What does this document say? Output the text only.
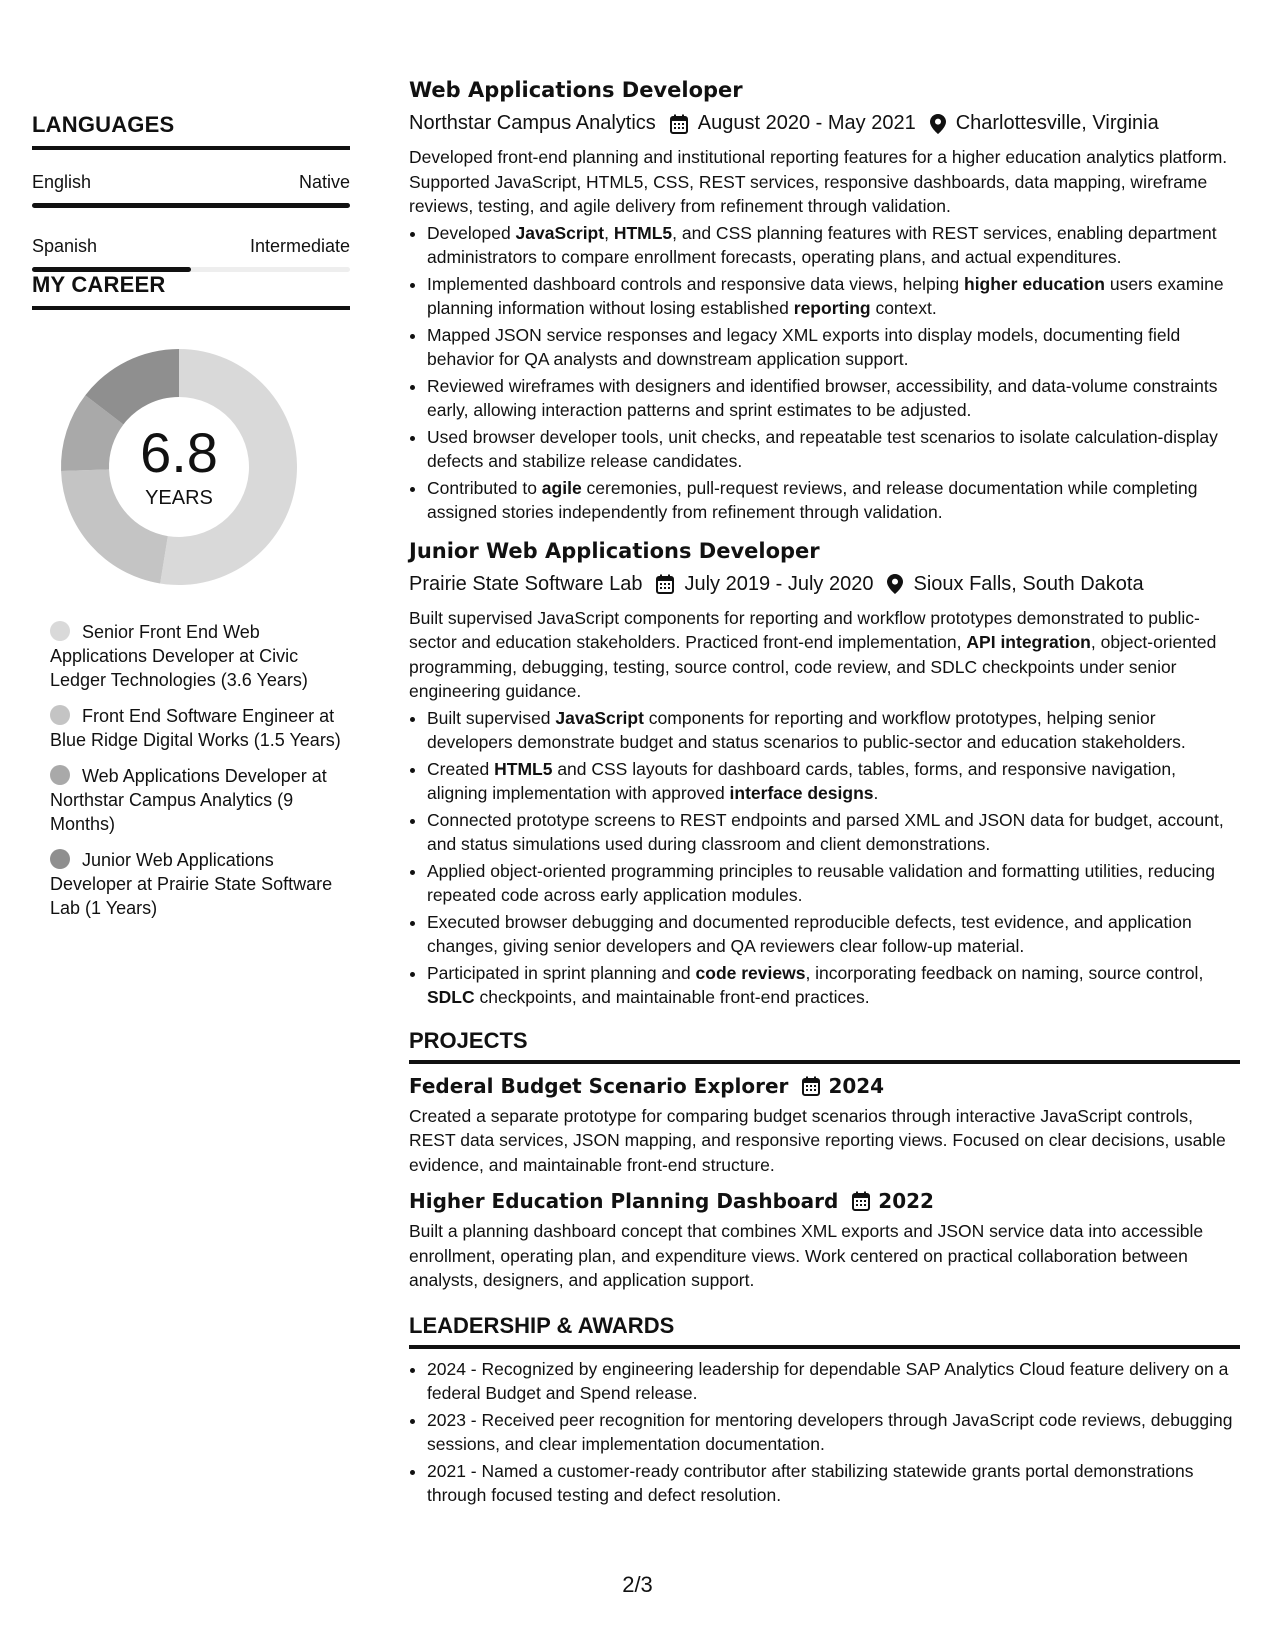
LANGUAGES
English	Native
Spanish	Intermediate
MY CAREER
6.8
YEARS
Senior Front End Web Applications Developer at Civic Ledger Technologies (3.6 Years)
Front End Software Engineer at Blue Ridge Digital Works (1.5 Years)
Web Applications Developer at Northstar Campus Analytics (9 Months)
Junior Web Applications Developer at Prairie State Software Lab (1 Years)
Web Applications Developer
Northstar Campus Analytics August 2020 - May 2021 Charlottesville, Virginia
Developed front-end planning and institutional reporting features for a higher education analytics platform. Supported JavaScript, HTML5, CSS, REST services, responsive dashboards, data mapping, wireframe reviews, testing, and agile delivery from refinement through validation.
• Developed JavaScript, HTML5, and CSS planning features with REST services, enabling department administrators to compare enrollment forecasts, operating plans, and actual expenditures.
• Implemented dashboard controls and responsive data views, helping higher education users examine planning information without losing established reporting context.
• Mapped JSON service responses and legacy XML exports into display models, documenting field behavior for QA analysts and downstream application support.
• Reviewed wireframes with designers and identified browser, accessibility, and data-volume constraints early, allowing interaction patterns and sprint estimates to be adjusted.
• Used browser developer tools, unit checks, and repeatable test scenarios to isolate calculation-display defects and stabilize release candidates.
• Contributed to agile ceremonies, pull-request reviews, and release documentation while completing assigned stories independently from refinement through validation.
Junior Web Applications Developer
Prairie State Software Lab July 2019 - July 2020 Sioux Falls, South Dakota
Built supervised JavaScript components for reporting and workflow prototypes demonstrated to public-sector and education stakeholders. Practiced front-end implementation, API integration, object-oriented programming, debugging, testing, source control, code review, and SDLC checkpoints under senior engineering guidance.
• Built supervised JavaScript components for reporting and workflow prototypes, helping senior developers demonstrate budget and status scenarios to public-sector and education stakeholders.
• Created HTML5 and CSS layouts for dashboard cards, tables, forms, and responsive navigation, aligning implementation with approved interface designs.
• Connected prototype screens to REST endpoints and parsed XML and JSON data for budget, account, and status simulations used during classroom and client demonstrations.
• Applied object-oriented programming principles to reusable validation and formatting utilities, reducing repeated code across early application modules.
• Executed browser debugging and documented reproducible defects, test evidence, and application changes, giving senior developers and QA reviewers clear follow-up material.
• Participated in sprint planning and code reviews, incorporating feedback on naming, source control, SDLC checkpoints, and maintainable front-end practices.
PROJECTS
Federal Budget Scenario Explorer 2024
Created a separate prototype for comparing budget scenarios through interactive JavaScript controls, REST data services, JSON mapping, and responsive reporting views. Focused on clear decisions, usable evidence, and maintainable front-end structure.
Higher Education Planning Dashboard 2022
Built a planning dashboard concept that combines XML exports and JSON service data into accessible enrollment, operating plan, and expenditure views. Work centered on practical collaboration between analysts, designers, and application support.
LEADERSHIP & AWARDS
• 2024 - Recognized by engineering leadership for dependable SAP Analytics Cloud feature delivery on a federal Budget and Spend release.
• 2023 - Received peer recognition for mentoring developers through JavaScript code reviews, debugging sessions, and clear implementation documentation.
• 2021 - Named a customer-ready contributor after stabilizing statewide grants portal demonstrations through focused testing and defect resolution.
2/3
